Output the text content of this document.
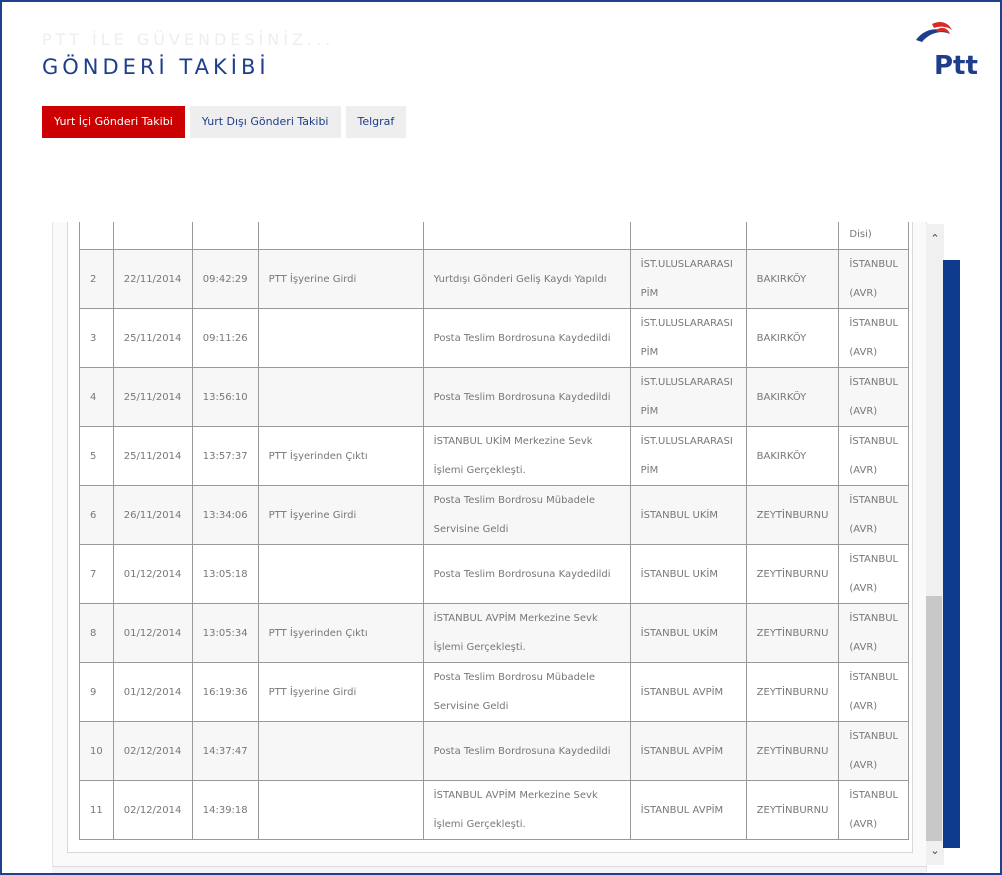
PTT İLE GÜVENDESİNİZ...
GÖNDERİ TAKİBİ	Ptt
Yurt İçi Gönderi Takibi	Yurt Dışı Gönderi Takibi	Telgraf
							Disi)
2	22/11/2014	09:42:29	PTT İşyerine Girdi	Yurtdışı Gönderi Geliş Kaydı Yapıldı	İST.ULUSLARARASI PİM	BAKIRKÖY	İSTANBUL (AVR)
3	25/11/2014	09:11:26		Posta Teslim Bordrosuna Kaydedildi	İST.ULUSLARARASI PİM	BAKIRKÖY	İSTANBUL (AVR)
4	25/11/2014	13:56:10		Posta Teslim Bordrosuna Kaydedildi	İST.ULUSLARARASI PİM	BAKIRKÖY	İSTANBUL (AVR)
5	25/11/2014	13:57:37	PTT İşyerinden Çıktı	İSTANBUL UKİM Merkezine Sevk İşlemi Gerçekleşti.	İST.ULUSLARARASI PİM	BAKIRKÖY	İSTANBUL (AVR)
6	26/11/2014	13:34:06	PTT İşyerine Girdi	Posta Teslim Bordrosu Mübadele Servisine Geldi	İSTANBUL UKİM	ZEYTİNBURNU	İSTANBUL (AVR)
7	01/12/2014	13:05:18		Posta Teslim Bordrosuna Kaydedildi	İSTANBUL UKİM	ZEYTİNBURNU	İSTANBUL (AVR)
8	01/12/2014	13:05:34	PTT İşyerinden Çıktı	İSTANBUL AVPİM Merkezine Sevk İşlemi Gerçekleşti.	İSTANBUL UKİM	ZEYTİNBURNU	İSTANBUL (AVR)
9	01/12/2014	16:19:36	PTT İşyerine Girdi	Posta Teslim Bordrosu Mübadele Servisine Geldi	İSTANBUL AVPİM	ZEYTİNBURNU	İSTANBUL (AVR)
10	02/12/2014	14:37:47		Posta Teslim Bordrosuna Kaydedildi	İSTANBUL AVPİM	ZEYTİNBURNU	İSTANBUL (AVR)
11	02/12/2014	14:39:18		İSTANBUL AVPİM Merkezine Sevk İşlemi Gerçekleşti.	İSTANBUL AVPİM	ZEYTİNBURNU	İSTANBUL (AVR)
⌃
⌄
